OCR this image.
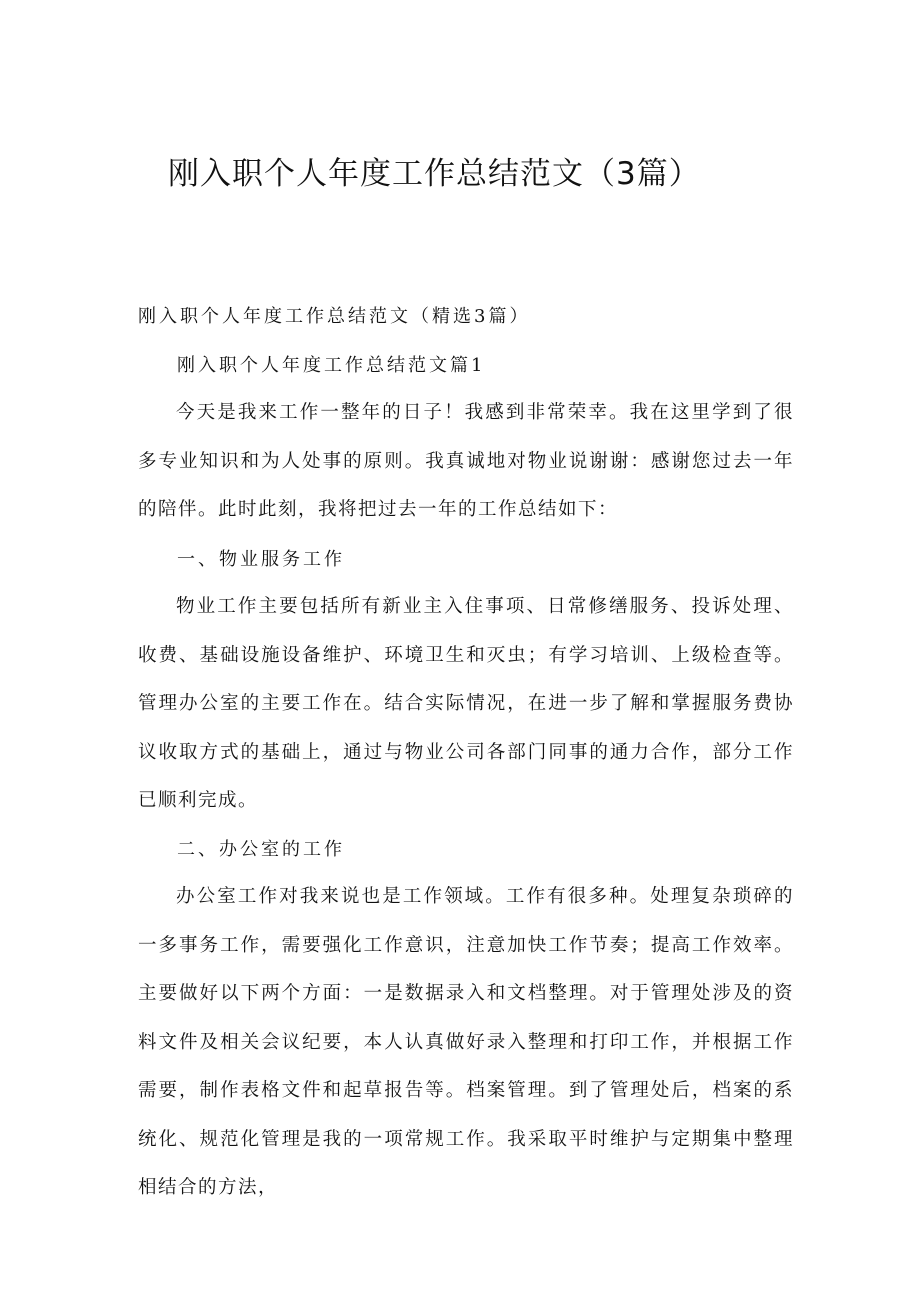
刚入职个人年度工作总结范文（3篇）
刚入职个人年度工作总结范文（精选3篇）
刚入职个人年度工作总结范文篇1

今天是我来工作一整年的日子！我感到非常荣幸。我在这里学到了很多专业知识和为人处事的原则。我真诚地对物业说谢谢：感谢您过去一年的陪伴。此时此刻，我将把过去一年的工作总结如下：

一、物业服务工作

物业工作主要包括所有新业主入住事项、日常修缮服务、投诉处理、收费、基础设施设备维护、环境卫生和灭虫；有学习培训、上级检查等。管理办公室的主要工作在。结合实际情况，在进一步了解和掌握服务费协议收取方式的基础上，通过与物业公司各部门同事的通力合作，部分工作已顺利完成。

二、办公室的工作

办公室工作对我来说也是工作领域。工作有很多种。处理复杂琐碎的一多事务工作，需要强化工作意识，注意加快工作节奏；提高工作效率。主要做好以下两个方面：一是数据录入和文档整理。对于管理处涉及的资料文件及相关会议纪要，本人认真做好录入整理和打印工作，并根据工作需要，制作表格文件和起草报告等。档案管理。到了管理处后，档案的系统化、规范化管理是我的一项常规工作。我采取平时维护与定期集中整理相结合的方法，
